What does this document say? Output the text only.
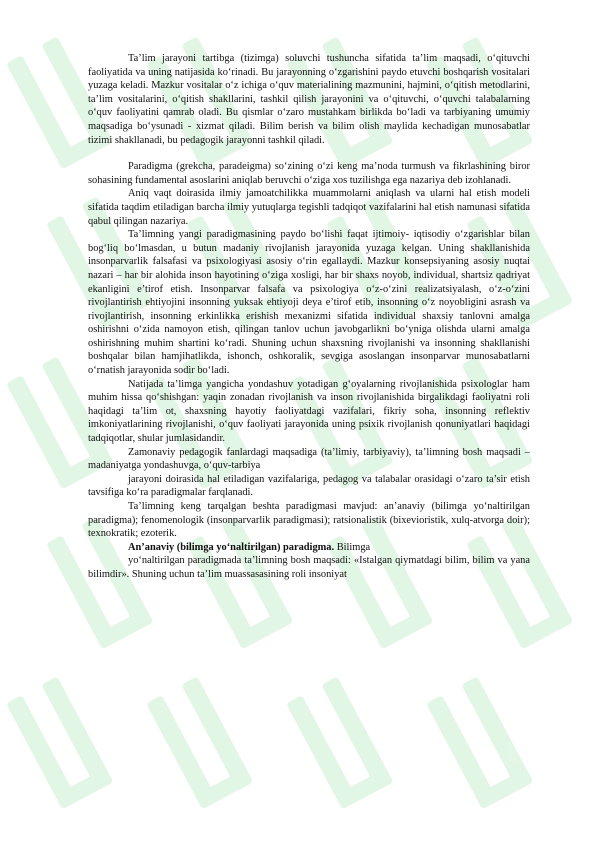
Ta’lim jarayoni tartibga (tizimga) soluvchi tushuncha sifatida ta’lim maqsadi, o‘qituvchi faoliyatida va uning natijasida ko‘rinadi. Bu jarayonning o‘zgarishini paydo etuvchi boshqarish vositalari yuzaga keladi. Mazkur vositalar o‘z ichiga o‘quv materialining mazmunini, hajmini, o‘qitish metodlarini, ta’lim vositalarini, o‘qitish shakllarini, tashkil qilish jarayonini va o‘qituvchi, o‘quvchi talabalarning o‘quv faoliyatini qamrab oladi. Bu qismlar o‘zaro mustahkam birlikda bo‘ladi va tarbiyaning umumiy maqsadiga bo‘ysunadi - xizmat qiladi. Bilim berish va bilim olish maylida kechadigan munosabatlar tizimi shakllanadi, bu pedagogik jarayonni tashkil qiladi.

Paradigma (grekcha, paradeigma) so‘zining o‘zi keng ma’noda turmush va fikrlashining biror sohasining fundamental asoslarini aniqlab beruvchi o‘ziga xos tuzilishga ega nazariya deb izohlanadi.

Aniq vaqt doirasida ilmiy jamoatchilikka muammolarni aniqlash va ularni hal etish modeli sifatida taqdim etiladigan barcha ilmiy yutuqlarga tegishli tadqiqot vazifalarini hal etish namunasi sifatida qabul qilingan nazariya.

Ta’limning yangi paradigmasining paydo bo‘lishi faqat ijtimoiy- iqtisodiy o‘zgarishlar bilan bog‘liq bo‘lmasdan, u butun madaniy rivojlanish jarayonida yuzaga kelgan. Uning shakllanishida insonparvarlik falsafasi va psixologiyasi asosiy o‘rin egallaydi. Mazkur konsepsiyaning asosiy nuqtai nazari – har bir alohida inson hayotining o‘ziga xosligi, har bir shaxs noyob, individual, shartsiz qadriyat ekanligini e’tirof etish. Insonparvar falsafa va psixologiya o‘z-o‘zini realizatsiyalash, o‘z-o‘zini rivojlantirish ehtiyojini insonning yuksak ehtiyoji deya e’tirof etib, insonning o‘z noyobligini asrash va rivojlantirish, insonning erkinlikka erishish mexanizmi sifatida individual shaxsiy tanlovni amalga oshirishni o‘zida namoyon etish, qilingan tanlov uchun javobgarlikni bo‘yniga olishda ularni amalga oshirishning muhim shartini ko‘radi. Shuning uchun shaxsning rivojlanishi va insonning shakllanishi boshqalar bilan hamjihatlikda, ishonch, oshkoralik, sevgiga asoslangan insonparvar munosabatlarni o‘rnatish jarayonida sodir bo‘ladi.

Natijada ta’limga yangicha yondashuv yotadigan g‘oyalarning rivojlanishida psixologlar ham muhim hissa qo‘shishgan: yaqin zonadan rivojlanish va inson rivojlanishida birgalikdagi faoliyatni roli haqidagi ta’lim ot, shaxsning hayotiy faoliyatdagi vazifalari, fikriy soha, insonning reflektiv imkoniyatlarining rivojlanishi, o‘quv faoliyati jarayonida uning psixik rivojlanish qonuniyatlari haqidagi tadqiqotlar, shular jumlasidandir.

Zamonaviy pedagogik fanlardagi maqsadiga (ta’limiy, tarbiyaviy), ta’limning bosh maqsadi – madaniyatga yondashuvga, o‘quv-tarbiya

jarayoni doirasida hal etiladigan vazifalariga, pedagog va talabalar orasidagi o‘zaro ta’sir etish tavsifiga ko‘ra paradigmalar farqlanadi.

Ta’limning keng tarqalgan beshta paradigmasi mavjud: an’anaviy (bilimga yo‘naltirilgan paradigma); fenomenologik (insonparvarlik paradigmasi); ratsionalistik (bixevioristik, xulq-atvorga doir); texnokratik; ezoterik.

An’anaviy (bilimga yo‘naltirilgan) paradigma. Bilimga

yo‘naltirilgan paradigmada ta’limning bosh maqsadi: «Istalgan qiymatdagi bilim, bilim va yana bilimdir». Shuning uchun ta’lim muassasasining roli insoniyat
